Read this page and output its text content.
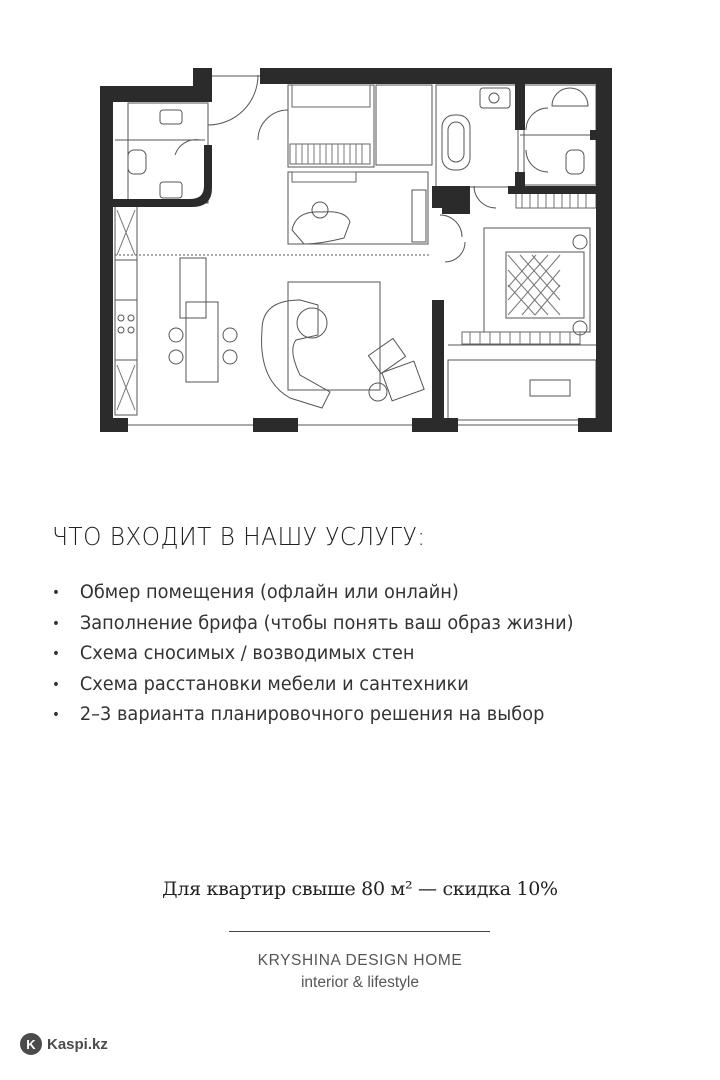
ЧТО ВХОДИТ В НАШУ УСЛУГУ:
• Обмер помещения (офлайн или онлайн)
• Заполнение брифа (чтобы понять ваш образ жизни)
• Схема сносимых / возводимых стен
• Схема расстановки мебели и сантехники
• 2–3 варианта планировочного решения на выбор
Для квартир свыше 80 м² — скидка 10%
KRYSHINA DESIGN HOME
interior & lifestyle
K Kaspi.kz
